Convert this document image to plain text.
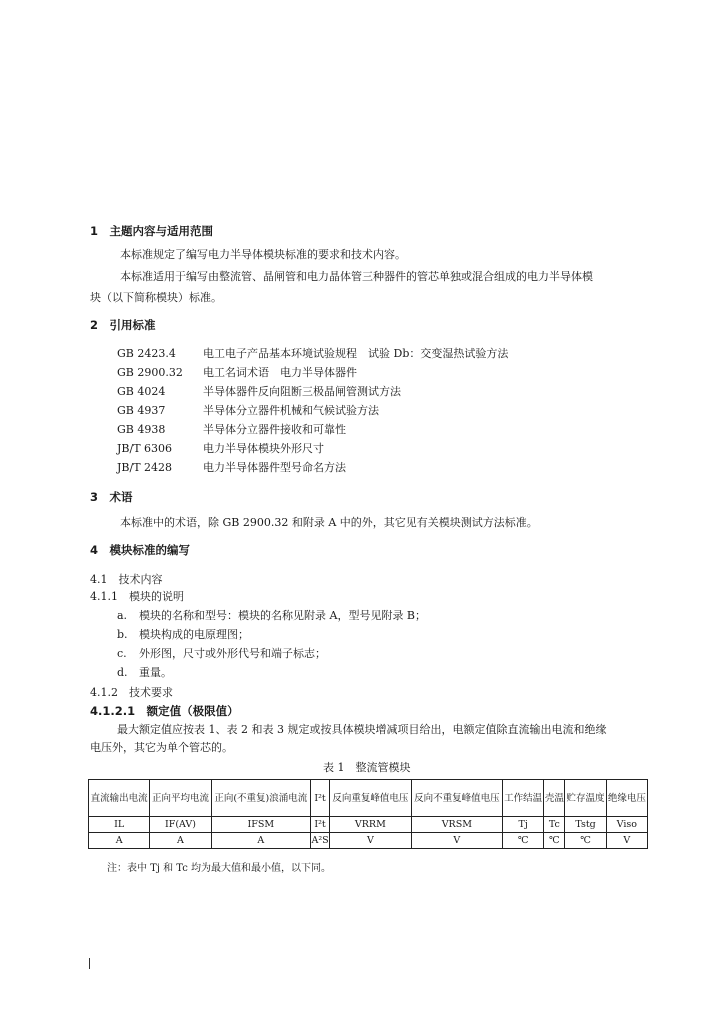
1　主题内容与适用范围
本标准规定了编写电力半导体模块标准的要求和技术内容。
本标准适用于编写由整流管、晶闸管和电力晶体管三种器件的管芯单独或混合组成的电力半导体模
块（以下简称模块）标准。
2　引用标准
GB 2423.4	电工电子产品基本环境试验规程　试验 Db：交变湿热试验方法
GB 2900.32	电工名词术语　电力半导体器件
GB 4024	半导体器件反向阻断三极晶闸管测试方法
GB 4937	半导体分立器件机械和气候试验方法
GB 4938	半导体分立器件接收和可靠性
JB/T 6306	电力半导体模块外形尺寸
JB/T 2428	电力半导体器件型号命名方法
3　术语
本标准中的术语，除 GB 2900.32 和附录 A 中的外，其它见有关模块测试方法标准。
4　模块标准的编写
4.1　技术内容
4.1.1　模块的说明
a.	模块的名称和型号：模块的名称见附录 A，型号见附录 B；
b.	模块构成的电原理图；
c.	外形图，尺寸或外形代号和端子标志；
d.	重量。
4.1.2　技术要求
4.1.2.1　额定值（极限值）
最大额定值应按表 1、表 2 和表 3 规定或按具体模块增减项目给出，电额定值除直流输出电流和绝缘
电压外，其它为单个管芯的。
表 1　整流管模块
直流输出电流	正向平均电流	正向(不重复)浪涌电流	I²t	反向重复峰值电压	反向不重复峰值电压	工作结温	壳温	贮存温度	绝缘电压
IL	IF(AV)	IFSM	I²t	VRRM	VRSM	Tj	Tc	Tstg	Viso
A	A	A	A²S	V	V	℃	℃	℃	V
注：表中 Tj 和 Tc 均为最大值和最小值，以下同。
